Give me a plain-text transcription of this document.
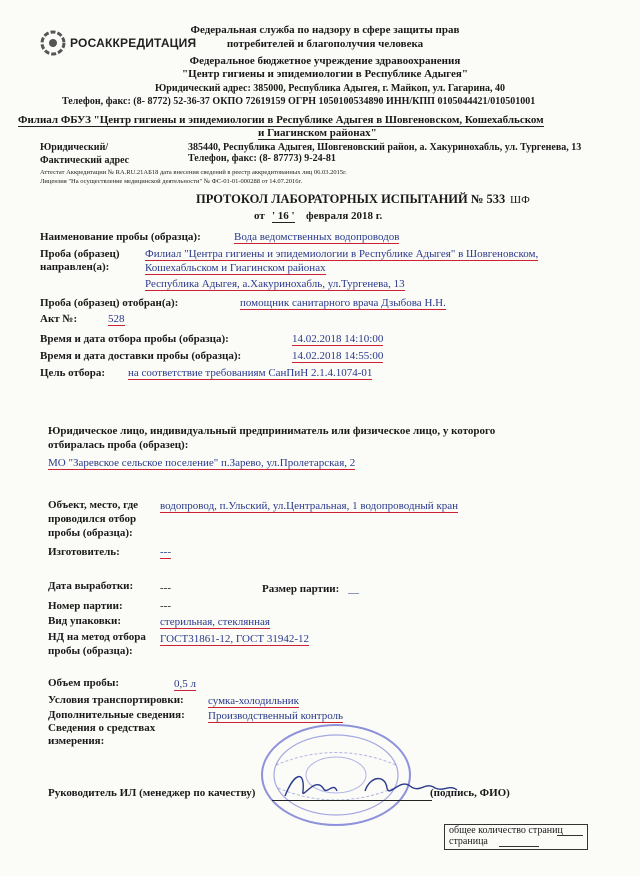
РОСАККРЕДИТАЦИЯ
Федеральная служба по надзору в сфере защиты прав
потребителей и благополучия человека
Федеральное бюджетное учреждение здравоохранения
"Центр гигиены и эпидемиологии в Республике Адыгея"
Юридический адрес: 385000, Республика Адыгея, г. Майкоп, ул. Гагарина, 40
Телефон, факс: (8- 8772) 52-36-37 ОКПО 72619159 ОГРН 1050100534890 ИНН/КПП 0105044421/010501001
Филиал ФБУЗ "Центр гигиены и эпидемиологии в Республике Адыгея в Шовгеновском, Кошехабльском
и Гиагинском районах"
Юридический/
Фактический адрес
385440, Республика Адыгея, Шовгеновский район, а. Хакуринохабль, ул. Тургенева, 13
Телефон, факс: (8- 87773) 9-24-81
Аттестат Аккредитации № RA.RU.21АБ18 дата внесения сведений в реестр аккредитованных лиц 06.03.2015г.
Лицензия "На осуществление медицинской деятельности" № ФС-01-01-000288 от 14.07.2016г.
ПРОТОКОЛ ЛАБОРАТОРНЫХ ИСПЫТАНИЙ № 533 ШФ
от ' 16 ' февраля 2018 г.
Наименование пробы (образца):	Вода ведомственных водопроводов
Проба (образец)
направлен(а):
Филиал "Центра гигиены и эпидемиологии в Республике Адыгея" в Шовгеновском,
Кошехабльском и Гиагинском районах
Республика Адыгея, а.Хакуринохабль, ул.Тургенева, 13
Проба (образец) отобран(а):	помощник санитарного врача Дзыбова Н.Н.
Акт №:	528
Время и дата отбора пробы (образца):	14.02.2018 14:10:00
Время и дата доставки пробы (образца):	14.02.2018 14:55:00
Цель отбора: на соответствие требованиям СанПиН 2.1.4.1074-01
Юридическое лицо, индивидуальный предприниматель или физическое лицо, у которого
отбиралась проба (образец):
МО "Заревское сельское поселение" п.Зарево, ул.Пролетарская, 2
Объект, место, где
проводился отбор
пробы (образца):
водопровод, п.Ульский, ул.Центральная, 1 водопроводный кран
Изготовитель:	---
Дата выработки: ---	Размер партии: __
Номер партии:	---
Вид упаковки:	стерильная, стеклянная
НД на метод отбора
пробы (образца):
ГОСТ31861-12, ГОСТ 31942-12
Объем пробы:	0,5 л
Условия транспортировки: сумка-холодильник
Дополнительные сведения: Производственный контроль
Сведения о средствах
измерения:
Руководитель ИЛ (менеджер по качеству)	(подпись, ФИО)
общее количество страниц
страница
